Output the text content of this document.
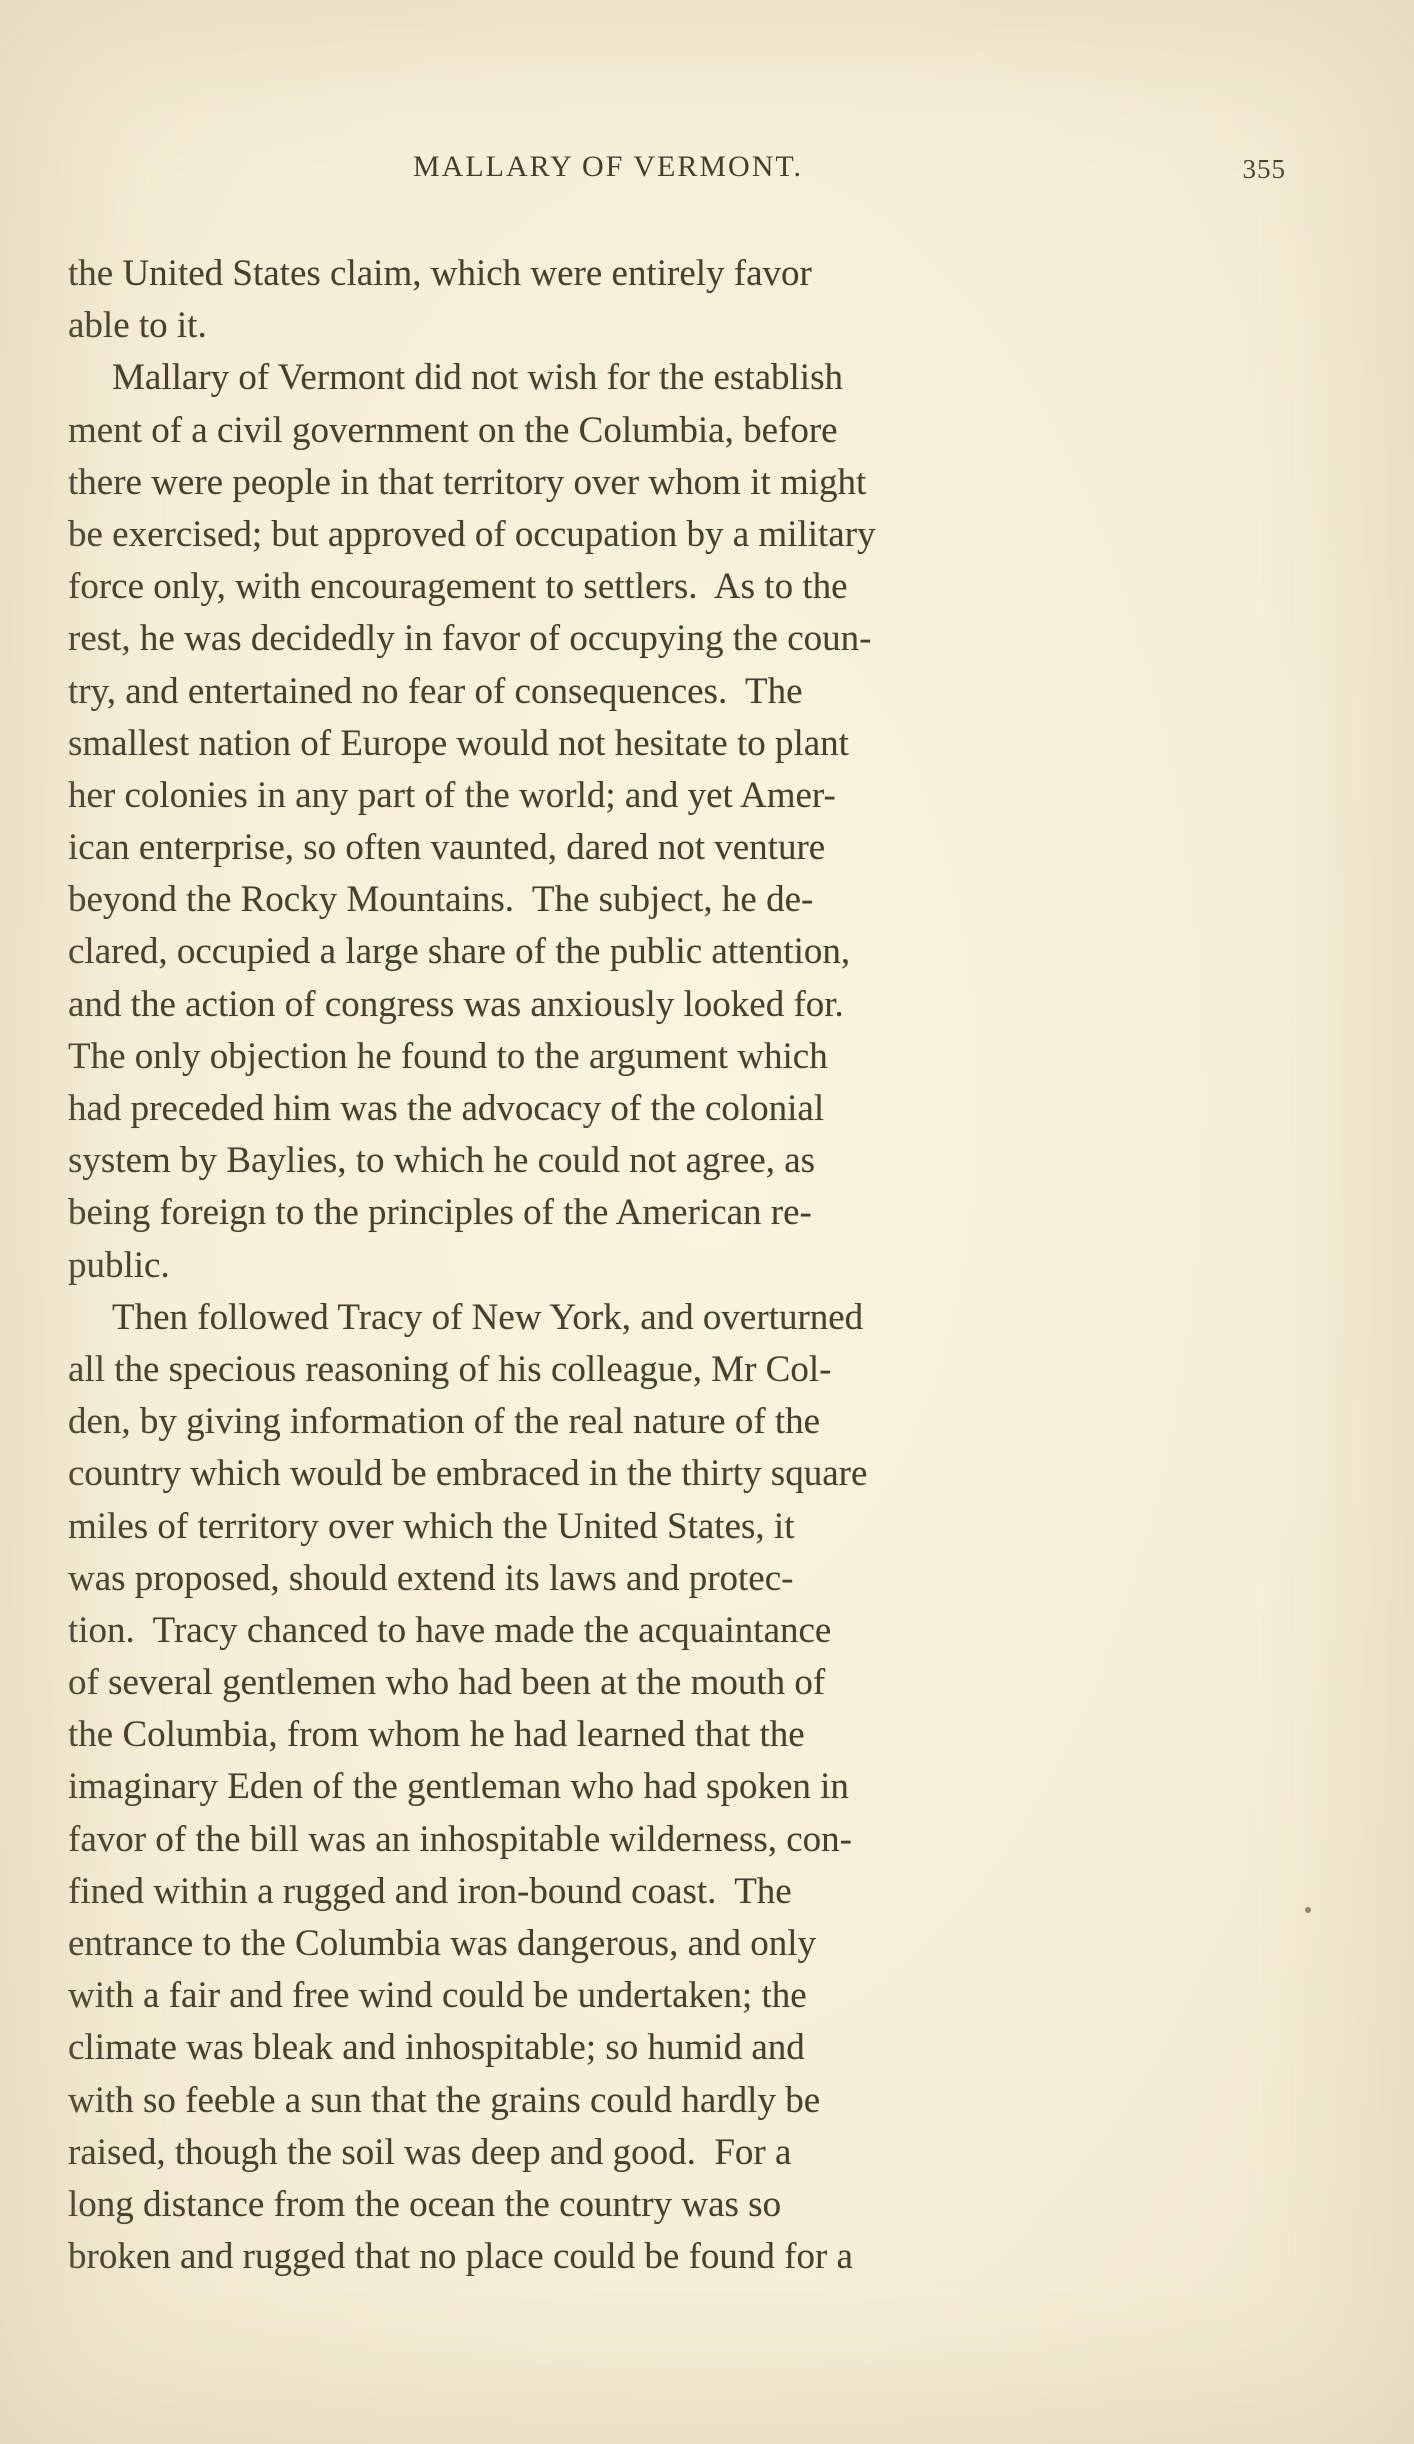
MALLARY OF VERMONT.	355
the United States claim, which were entirely favor
able to it.
Mallary of Vermont did not wish for the establish
ment of a civil government on the Columbia, before
there were people in that territory over whom it might
be exercised; but approved of occupation by a military
force only, with encouragement to settlers.  As to the
rest, he was decidedly in favor of occupying the coun-
try, and entertained no fear of consequences.  The
smallest nation of Europe would not hesitate to plant
her colonies in any part of the world; and yet Amer-
ican enterprise, so often vaunted, dared not venture
beyond the Rocky Mountains.  The subject, he de-
clared, occupied a large share of the public attention,
and the action of congress was anxiously looked for.
The only objection he found to the argument which
had preceded him was the advocacy of the colonial
system by Baylies, to which he could not agree, as
being foreign to the principles of the American re-
public.
Then followed Tracy of New York, and overturned
all the specious reasoning of his colleague, Mr Col-
den, by giving information of the real nature of the
country which would be embraced in the thirty square
miles of territory over which the United States, it
was proposed, should extend its laws and protec-
tion.  Tracy chanced to have made the acquaintance
of several gentlemen who had been at the mouth of
the Columbia, from whom he had learned that the
imaginary Eden of the gentleman who had spoken in
favor of the bill was an inhospitable wilderness, con-
fined within a rugged and iron-bound coast.  The
entrance to the Columbia was dangerous, and only
with a fair and free wind could be undertaken; the
climate was bleak and inhospitable; so humid and
with so feeble a sun that the grains could hardly be
raised, though the soil was deep and good.  For a
long distance from the ocean the country was so
broken and rugged that no place could be found for a
